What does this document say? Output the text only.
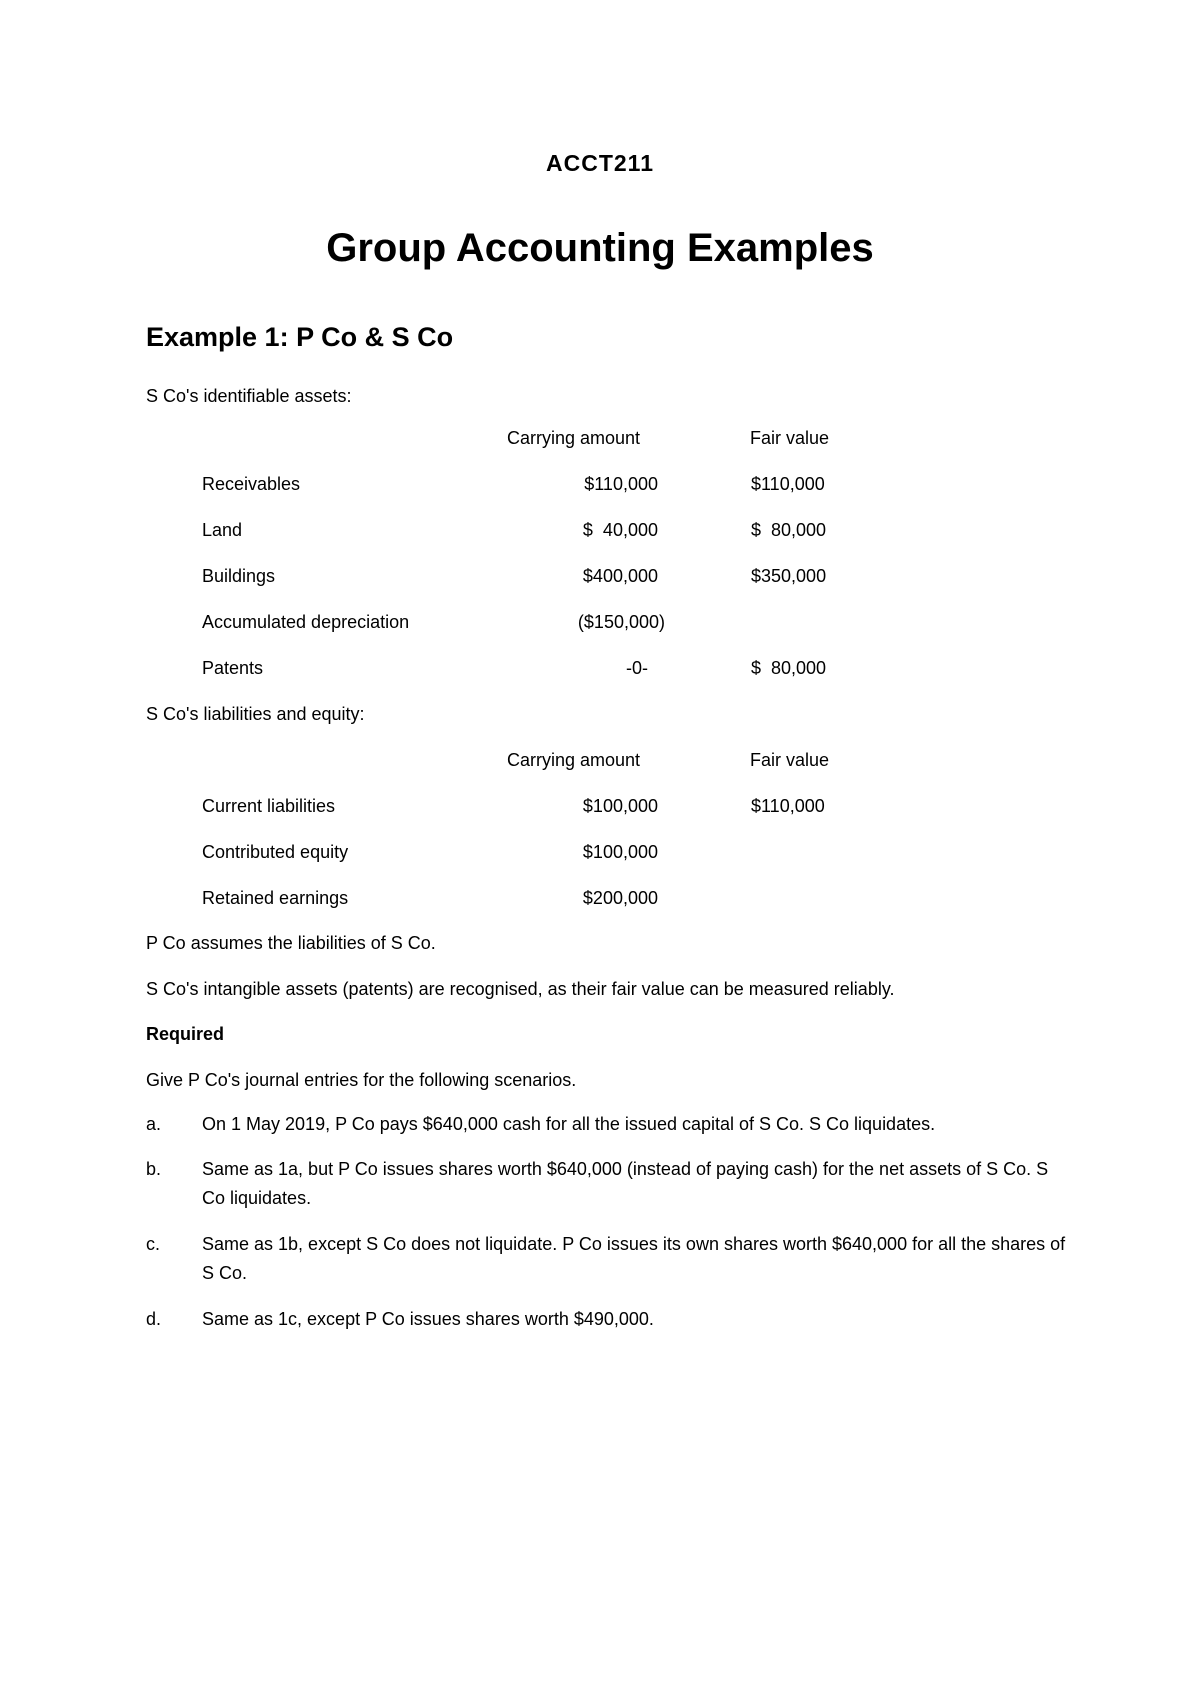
ACCT211
Group Accounting Examples
Example 1: P Co & S Co
S Co's identifiable assets:
Carrying amount	Fair value
Receivables	$110,000	$110,000
Land	$  40,000	$  80,000
Buildings	$400,000	$350,000
Accumulated depreciation	($150,000)
Patents	-0-	$  80,000
S Co's liabilities and equity:
Carrying amount	Fair value
Current liabilities	$100,000	$110,000
Contributed equity	$100,000
Retained earnings	$200,000
P Co assumes the liabilities of S Co.
S Co's intangible assets (patents) are recognised, as their fair value can be measured reliably.
Required
Give P Co's journal entries for the following scenarios.
a. On 1 May 2019, P Co pays $640,000 cash for all the issued capital of S Co. S Co liquidates.
b. Same as 1a, but P Co issues shares worth $640,000 (instead of paying cash) for the net assets of S Co. S Co liquidates.
c. Same as 1b, except S Co does not liquidate. P Co issues its own shares worth $640,000 for all the shares of S Co.
d. Same as 1c, except P Co issues shares worth $490,000.
